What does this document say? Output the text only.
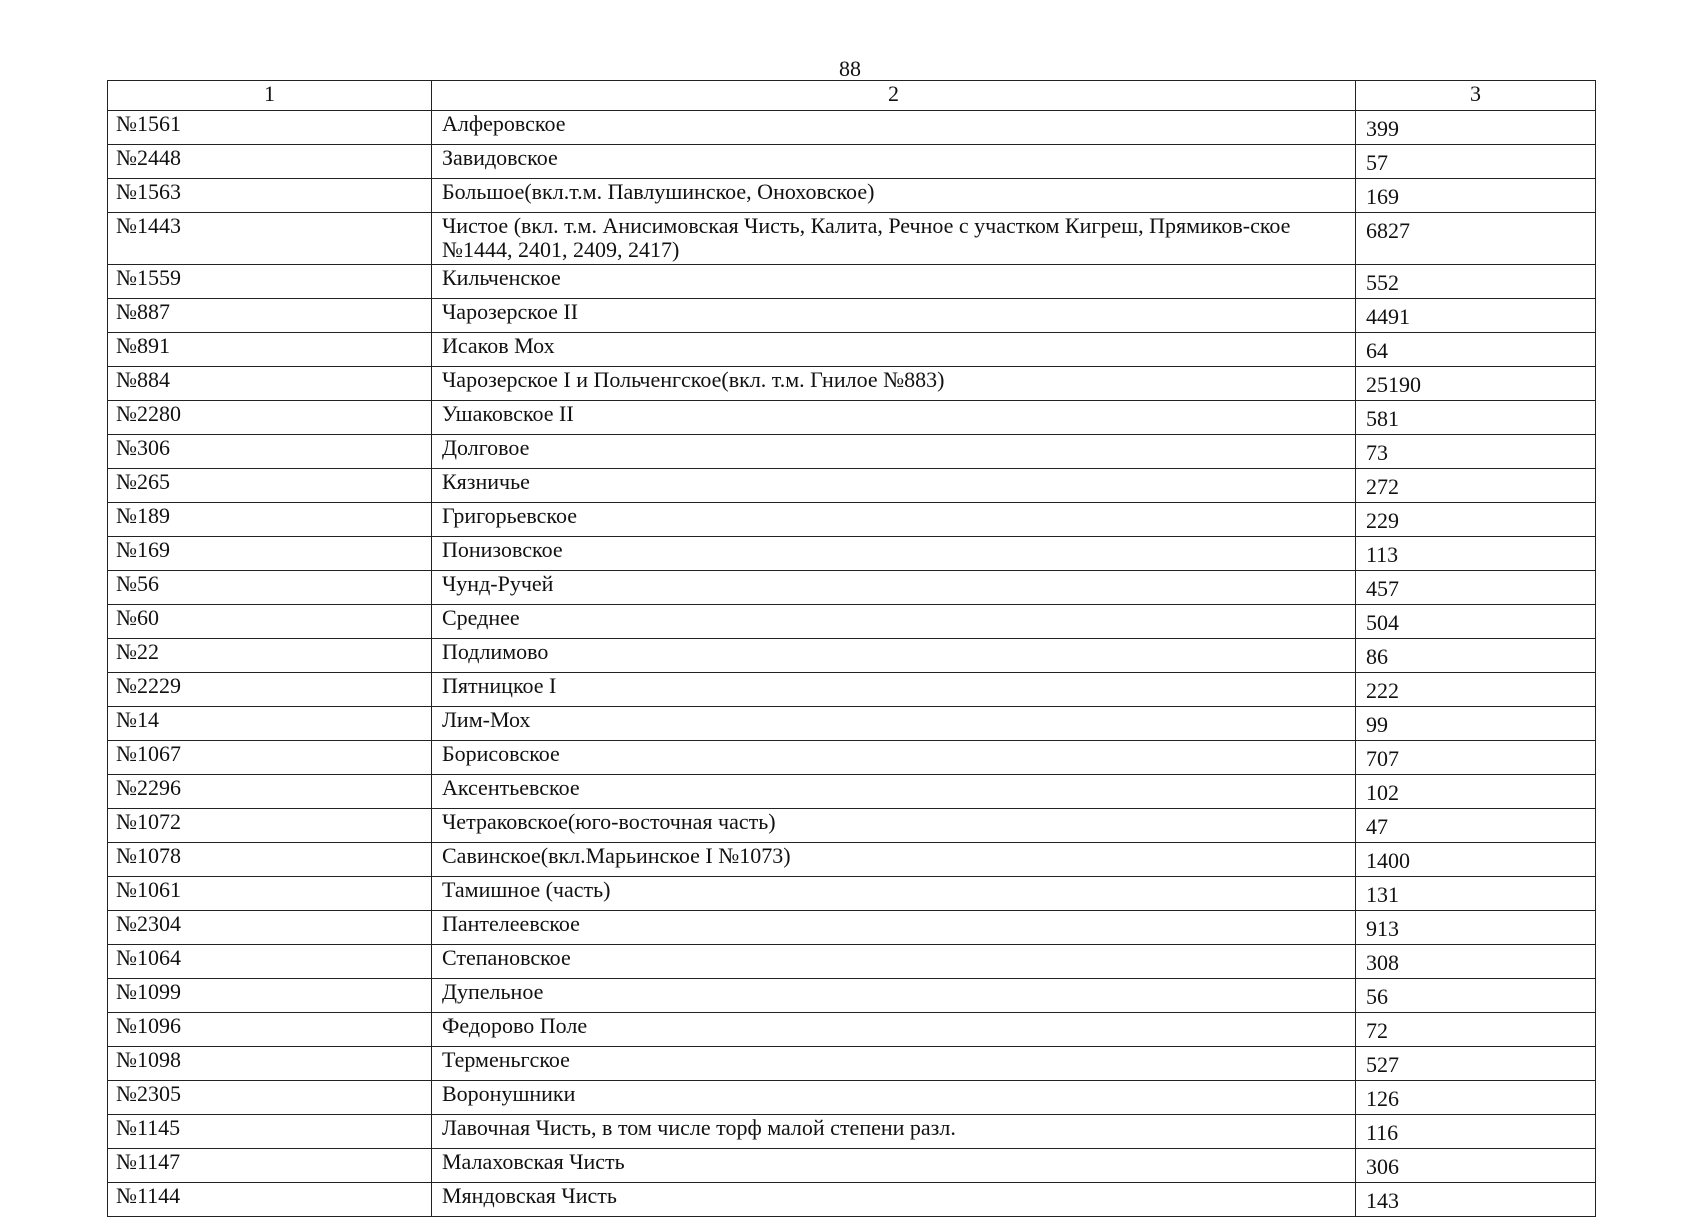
88
1	2	3
№1561	Алферовское	399
№2448	Завидовское	57
№1563	Большое(вкл.т.м. Павлушинское, Оноховское)	169
№1443	Чистое (вкл. т.м. Анисимовская Чисть, Калита, Речное с участком Кигреш, Прямиков-ское №1444, 2401, 2409, 2417)	6827
№1559	Кильченское	552
№887	Чарозерское II	4491
№891	Исаков Мох	64
№884	Чарозерское I и Польченгское(вкл. т.м. Гнилое №883)	25190
№2280	Ушаковское II	581
№306	Долговое	73
№265	Кязничье	272
№189	Григорьевское	229
№169	Понизовское	113
№56	Чунд-Ручей	457
№60	Среднее	504
№22	Подлимово	86
№2229	Пятницкое I	222
№14	Лим-Мох	99
№1067	Борисовское	707
№2296	Аксентьевское	102
№1072	Четраковское(юго-восточная часть)	47
№1078	Савинское(вкл.Марьинское I №1073)	1400
№1061	Тамишное (часть)	131
№2304	Пантелеевское	913
№1064	Степановское	308
№1099	Дупельное	56
№1096	Федорово Поле	72
№1098	Терменьгское	527
№2305	Воронушники	126
№1145	Лавочная Чисть, в том числе торф малой степени разл.	116
№1147	Малаховская Чисть	306
№1144	Мяндовская Чисть	143
